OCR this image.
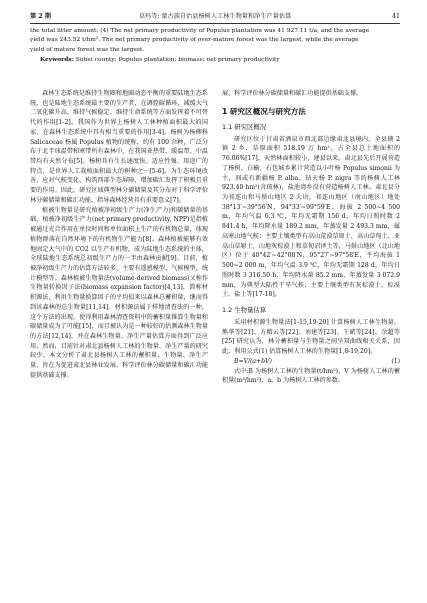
第 2 期	阜玛等: 蒙古族自治县杨树人工林生物量和净生产量估算	41

the total litter amount; (4) The net primary productivity of Populus plantation was 41 927.11 t/a, and the average

yield was 243.52 t/hm². The net primary productivity of over-mature forest was the largest, while the average

yield of mature forest was the largest.

Keywords: Subei county; Populus plantation; biomass; net primary productivity

森林生态系统是维持生物圈和地圈动态平衡的重要陆地生态系统，也是陆地生态系统最主要的生产者，在调控碳循环、减缓大气二氧化碳升高、维持气候稳定、维持生命系统等方面发挥着不可替代的作用[1-2]。我国作为世界上杨树人工林种植面积最大的国家，在森林生态系统中具有相当重要的作用[3-4]。杨树为杨柳科 Salicaceae 杨属 Populus 植物的统称，约有 100 余种，广泛分布于北半球温带和寒带所有森林中，在我国亚热带、暖温带、中温带均有天然分布[5]。杨树具有生长速度快、适应性强、用途广的特点，是世界人工栽植面积最大的树种之一[5-6]。为生态环境改善、应对气候变化、构筑西部生态屏障、增加碳汇发挥了积极且重要的作用。因此，研究区域典型林分碳储量及其分布对于科学评价林分碳储量和碳汇功能、指导森林经营具有重要意义[7]。

植被生物量是研究植被净初级生产力(净生产力)和碳储量的基础，植被净初级生产力(net primary productivity, NPP)是指植被通过光合作用在单位时间和单位面积上生产的有机物总量，体现植物群落在自然环境下的有机物生产能力[8]。森林植被能够有效地固定大气中的 CO2 以生产有机物，成为陆地生态系统的主体，全球陆地生态系统总初级生产力的一半由森林贡献[9]。目前，植被净初级生产力的估算方法较多，主要有遥感模型、气候模型、统计模型等。森林植被生物量法(volume-derived biomass)又称作生物量转换因子法(biomass expansion factor)[4,13]，简称材积源法，利用生物量换算因子的平均值来以森林总蓄积量，继而得到该森林的总生物量[11,14]。材积源法属于样地清查法的一种，这个方法的出现，使得利用森林清查资料中的蓄积量推算生物量和碳储量成为了可能[15]，而且被认为是一种较好的估测森林生物量的方法[12,14]，并在森林生物量、净生产量估算方面得到广泛应用。然而，目前针对肃北县杨树人工林的生物量、净生产量的研究较少。本文分析了肃北县杨树人工林的蓄积量、生物量、净生产量，旨在为促进肃北县林业发展、科学评价林分碳储量和碳汇功能提供基础支撑。

展、科学评价林分碳储量和碳汇功能提供基础支撑。

1 研究区概况与研究方法
1.1 研究区概况

研究区位于甘肃省酒泉市西北部边缘肃北县境内，全县辖 2 镇 2 乡，草原面积 518.19 万 hm²，占全县总土地面积的 76.06%[17]，天然林面积较小，建县以来，肃北县先后开展营造了杨树、白榆、石包城乡累计营造以小叶杨 Populus simonii 为主，间或有新疆杨 P. alba、钻天杨 P. nigra 等的杨树人工林 923.40 hm²(含疏林)，盐池湾乡没有营造杨树人工林。肃北县分为祁连山和马鬃山地区 2 大块，祁连山地区（南山地区）地处 38°13′~39°56′N，94°33′~99°59′E，海拔 2 500~4 500 m，年均气温 6.3 ℃，年均无霜期 156 d，年均日照时数 2 841.4 h，年均降水量 189.2 mm，年蒸发量 2 493.3 mm，属高寒山地气候；主要土壤类型有高山荒漠草原土，高山草甸土，亚高山草原土，山地灰棕漠土和草甸沼泽土等，马鬃山地区（北山地区）位于 40°42′~42°08′N，95°27′~97°58′E，平均海拔 1 500~2 000 m，年均气温 3.9 ℃，年均无霜期 128 d，年均日照时数 3 316.50 h，年均降水量 85.2 mm，年蒸发量 3 072.9 mm，为典型大陆性干旱气候；主要土壤类型有灰棕漠土、棕漠土、盐土等[17-18]。

1.2 生物量估算

采用材积源生物量法[1-15,19-20] 计算杨树人工林生物量。熊华等[21]、方精云等[22]、刘建等[23]、王斌等[24]、余超等[25] 研究认为，林分蓄积量与生物量之间呈双曲线相关关系，因此，利用公式(1) 估算杨树人工林的生物量[1,8-19,20]。

B=V/(a+bV)	(1)

式中:B 为杨树人工林的生物量(t/hm²)，V 为杨树人工林的蓄积量(m³/hm²)，a、b 为杨树人工林的参数。
